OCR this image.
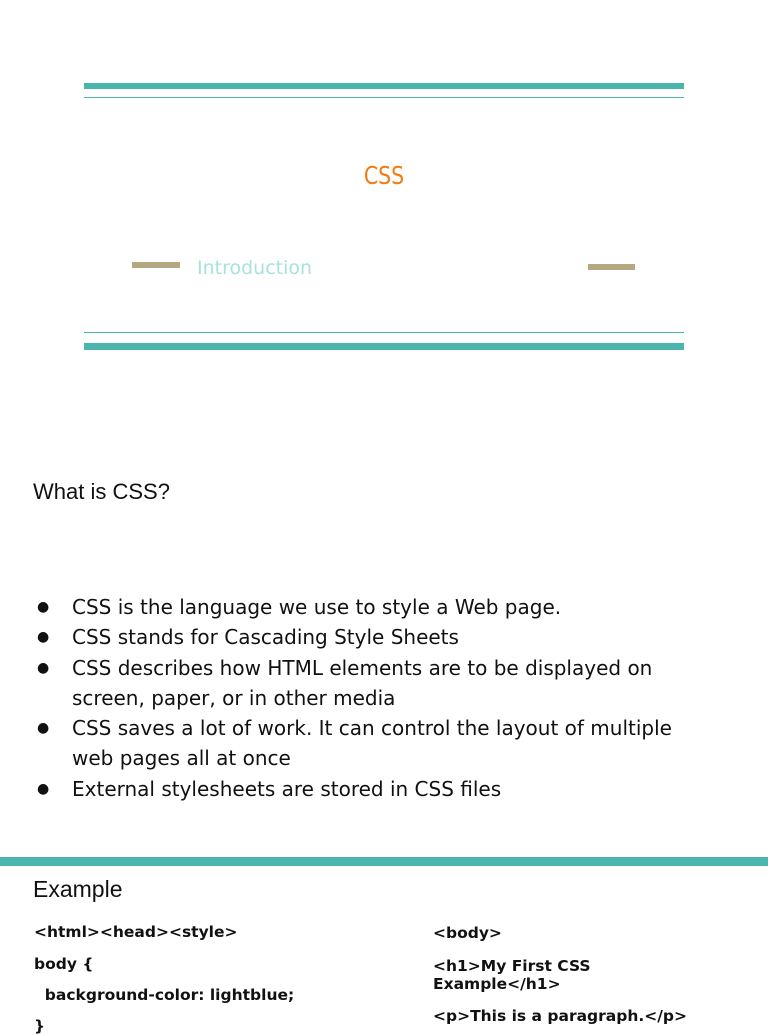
CSS
Introduction
What is CSS?
● CSS is the language we use to style a Web page.
● CSS stands for Cascading Style Sheets
● CSS describes how HTML elements are to be displayed on screen, paper, or in other media
● CSS saves a lot of work. It can control the layout of multiple web pages all at once
● External stylesheets are stored in CSS files
Example
<html><head><style>
body {
background-color: lightblue;
}
<body>
<h1>My First CSS Example</h1>
<p>This is a paragraph.</p>
